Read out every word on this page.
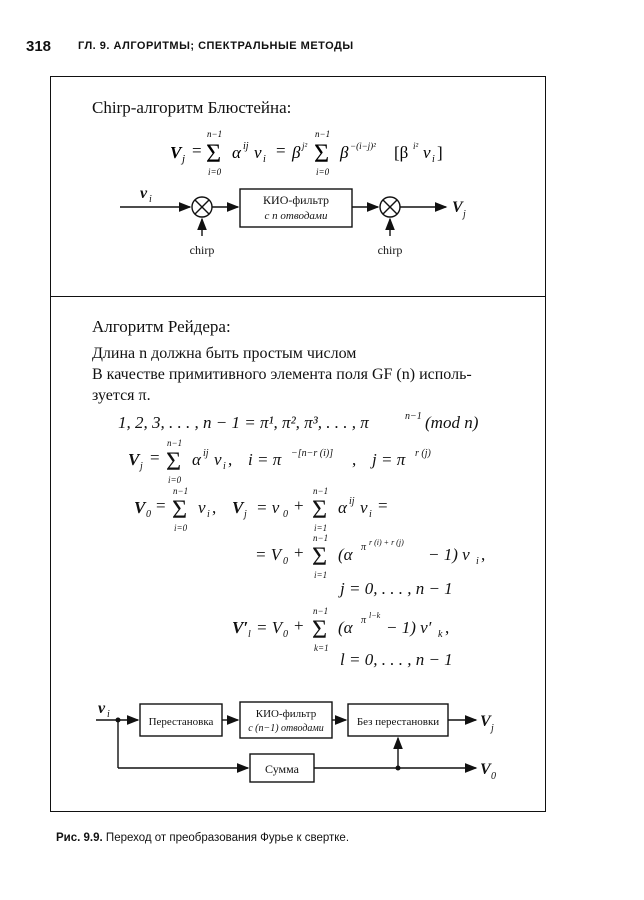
318 ГЛ. 9. АЛГОРИТМЫ; СПЕКТРАЛЬНЫЕ МЕТОДЫ
Chirp-алгоритм Блюстейна:
V j = Σ
n−1
i=0
α ij v i = β j² Σ
n−1
i=0
β −(i−j)² [β i² v i ]
v i	КИО-фильтр
с n отводами
chirp	chirp
V j
1, 2, 3, . . . , n − 1 = π¹, π², π³, . . . , π	n−1 (mod n)
V j = Σ
n−1
i=0
α ij v i , i = π −[n−r (i)] , j = π r (j)
V 0 = Σ
n−1
i=0
v i , V j = v 0 + Σ
n−1
i=1
α ij v i =
= V 0 + Σ
n−1
i=1
(α π r (i) + r (j)
− 1) v i ,
j = 0, . . . , n − 1
V′ l = V 0 + Σ
n−1
k=1
(α π l−k
− 1) v′ k ,
l = 0, . . . , n − 1
v i
Перестановка
КИО-фильтр
с (n−1) отводами
Без перестановки
Сумма
V j
V 0
Алгоритм Рейдера:
Длина n должна быть простым числом
В качестве примитивного элемента поля GF (n) исполь-
зуется π.
Рис. 9.9. Переход от преобразования Фурье к свертке.
